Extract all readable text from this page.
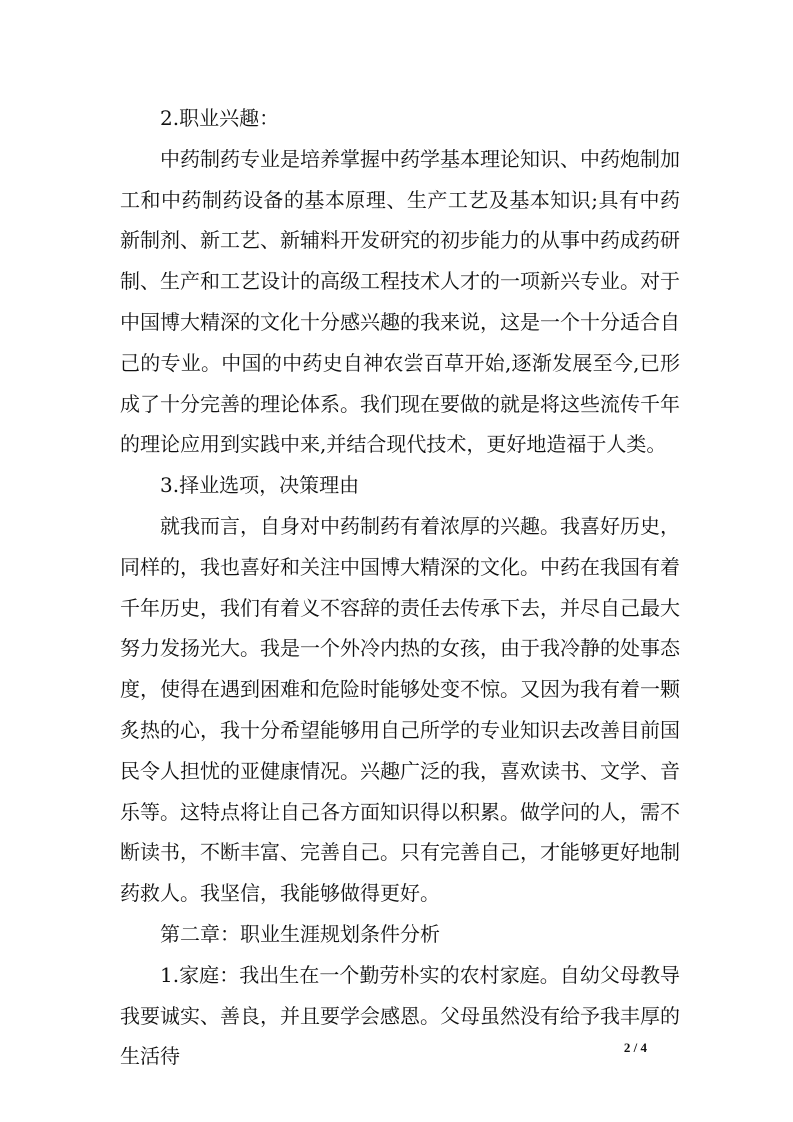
2.职业兴趣：

中药制药专业是培养掌握中药学基本理论知识、中药炮制加工和中药制药设备的基本原理、生产工艺及基本知识;具有中药新制剂、新工艺、新辅料开发研究的初步能力的从事中药成药研制、生产和工艺设计的高级工程技术人才的一项新兴专业。对于中国博大精深的文化十分感兴趣的我来说，这是一个十分适合自己的专业。中国的中药史自神农尝百草开始,逐渐发展至今,已形成了十分完善的理论体系。我们现在要做的就是将这些流传千年的理论应用到实践中来,并结合现代技术，更好地造福于人类。

3.择业选项，决策理由

就我而言，自身对中药制药有着浓厚的兴趣。我喜好历史，同样的，我也喜好和关注中国博大精深的文化。中药在我国有着千年历史，我们有着义不容辞的责任去传承下去，并尽自己最大努力发扬光大。我是一个外冷内热的女孩，由于我冷静的处事态度，使得在遇到困难和危险时能够处变不惊。又因为我有着一颗炙热的心，我十分希望能够用自己所学的专业知识去改善目前国民令人担忧的亚健康情况。兴趣广泛的我，喜欢读书、文学、音乐等。这特点将让自己各方面知识得以积累。做学问的人，需不断读书，不断丰富、完善自己。只有完善自己，才能够更好地制药救人。我坚信，我能够做得更好。

第二章：职业生涯规划条件分析

1.家庭：我出生在一个勤劳朴实的农村家庭。自幼父母教导我要诚实、善良，并且要学会感恩。父母虽然没有给予我丰厚的生活待	2 / 4
